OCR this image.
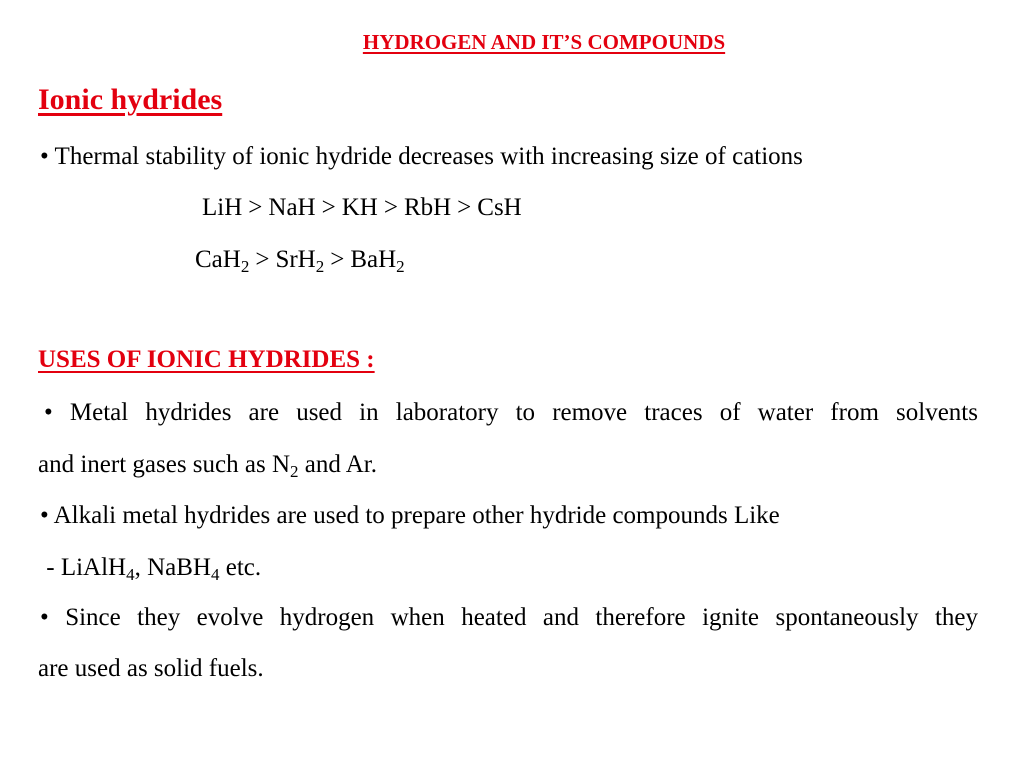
HYDROGEN AND IT’S COMPOUNDS
Ionic hydrides
• Thermal stability of ionic hydride decreases with increasing size of cations
LiH > NaH > KH > RbH > CsH
CaH$_2$ > SrH$_2$ > BaH$_2$
USES OF IONIC HYDRIDES :
• Metal hydrides are used in laboratory to remove traces of water from solvents
and inert gases such as $N_2$ and Ar.
• Alkali metal hydrides are used to prepare other hydride compounds Like
- LiAlH$_4$, NaBH$_4$ etc.
• Since they evolve hydrogen when heated and therefore ignite spontaneously they
are used as solid fuels.
